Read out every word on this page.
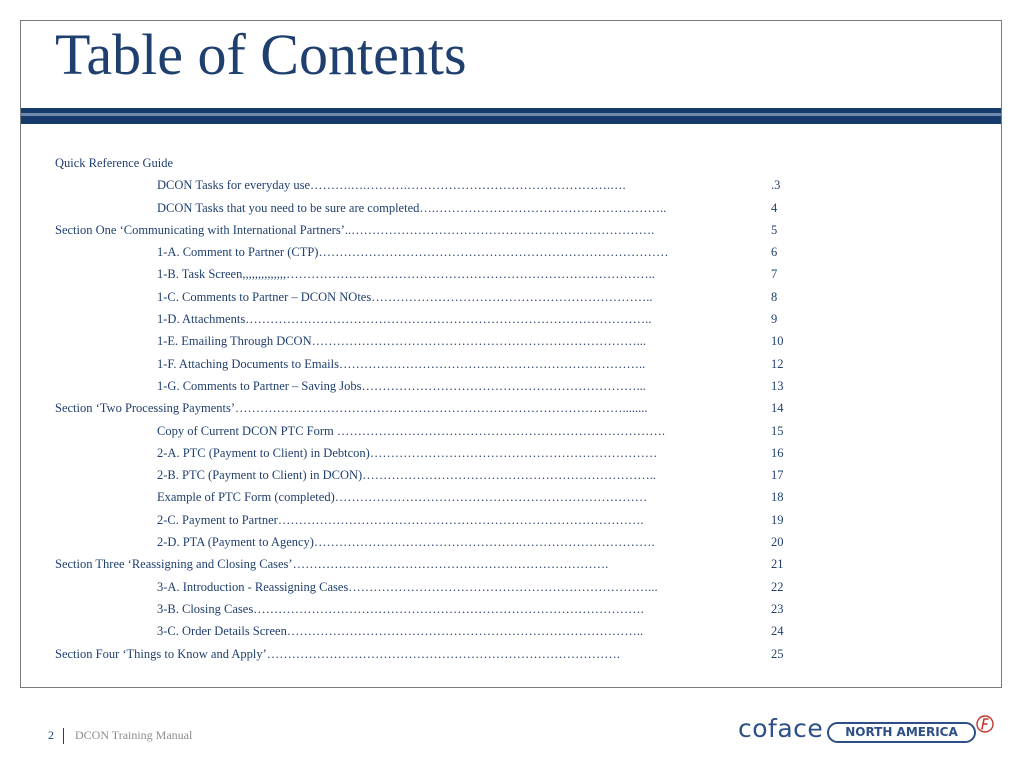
Table of Contents
Quick Reference Guide
DCON Tasks for everyday use……….….……….………………………………………….….	.3
DCON Tasks that you need to be sure are completed….………………………………………………..	4
Section One ‘Communicating with International Partners’..……………………………………………………………….	5
1-A. Comment to Partner (CTP)…………………………………………………………………………	6
1-B. Task Screen,,,,,,,,,,,,,,……………………………………………………………………………..	7
1-C. Comments to Partner – DCON NOtes…………………………………………………………..	8
1-D. Attachments……………………………………………………………………………………..	9
1-E. Emailing Through DCON……………………………………………………………………...	10
1-F. Attaching Documents to Emails………………………………………………………………..	12
1-G. Comments to Partner – Saving Jobs…………………………………………………………...	13
Section ‘Two Processing Payments’…………………………………………………………………………………........	14
Copy of Current DCON PTC Form …………………………………………………………………….	15
2-A. PTC (Payment to Client) in Debtcon)……………………………………………………………	16
2-B. PTC (Payment to Client) in DCON)……………………………………………………………..	17
Example of PTC Form (completed)…………………………………………………………………	18
2-C. Payment to Partner…………………………………………………………………………….	19
2-D. PTA (Payment to Agency)……………………………………………………………………….	20
Section Three ‘Reassigning and Closing Cases’………………………………………………………………….	21
3-A. Introduction - Reassigning Cases………………………………………………………………...	22
3-B. Closing Cases………………………………………………………………………………….	23
3-C. Order Details Screen…………………………………………………………………………..	24
Section Four ‘Things to Know and Apply’………………………………………………………………………….	25
2 DCON Training Manual	coface	NORTH AMERICA
